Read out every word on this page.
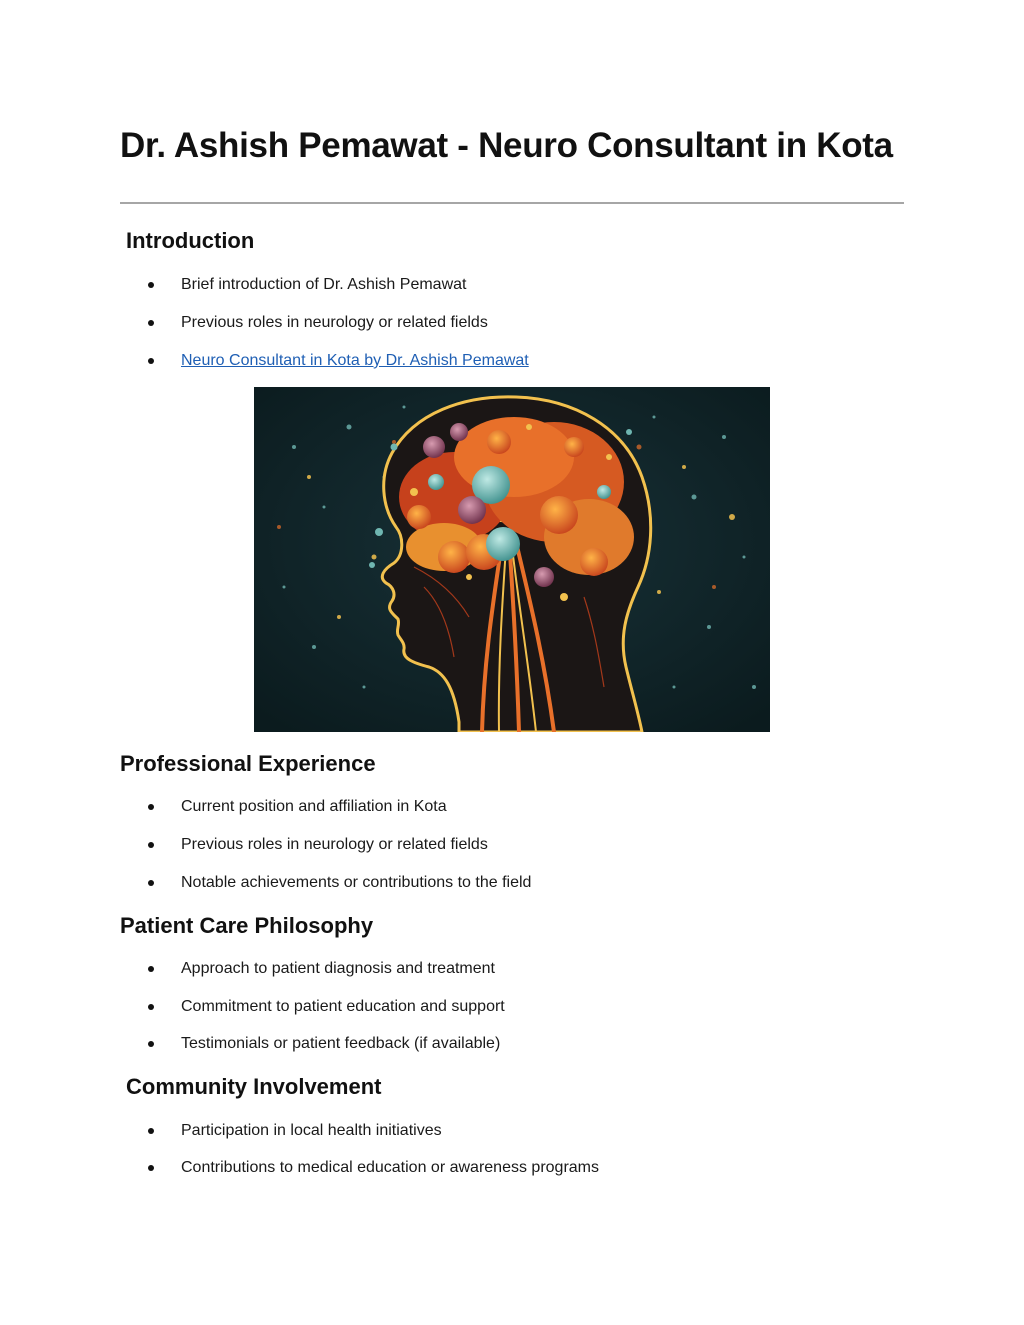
Dr. Ashish Pemawat - Neuro Consultant in Kota
Introduction
Brief introduction of Dr. Ashish Pemawat
Previous roles in neurology or related fields
Neuro Consultant in Kota by Dr. Ashish Pemawat
Professional Experience
Current position and affiliation in Kota
Previous roles in neurology or related fields
Notable achievements or contributions to the field
Patient Care Philosophy
Approach to patient diagnosis and treatment
Commitment to patient education and support
Testimonials or patient feedback (if available)
Community Involvement
Participation in local health initiatives
Contributions to medical education or awareness programs
